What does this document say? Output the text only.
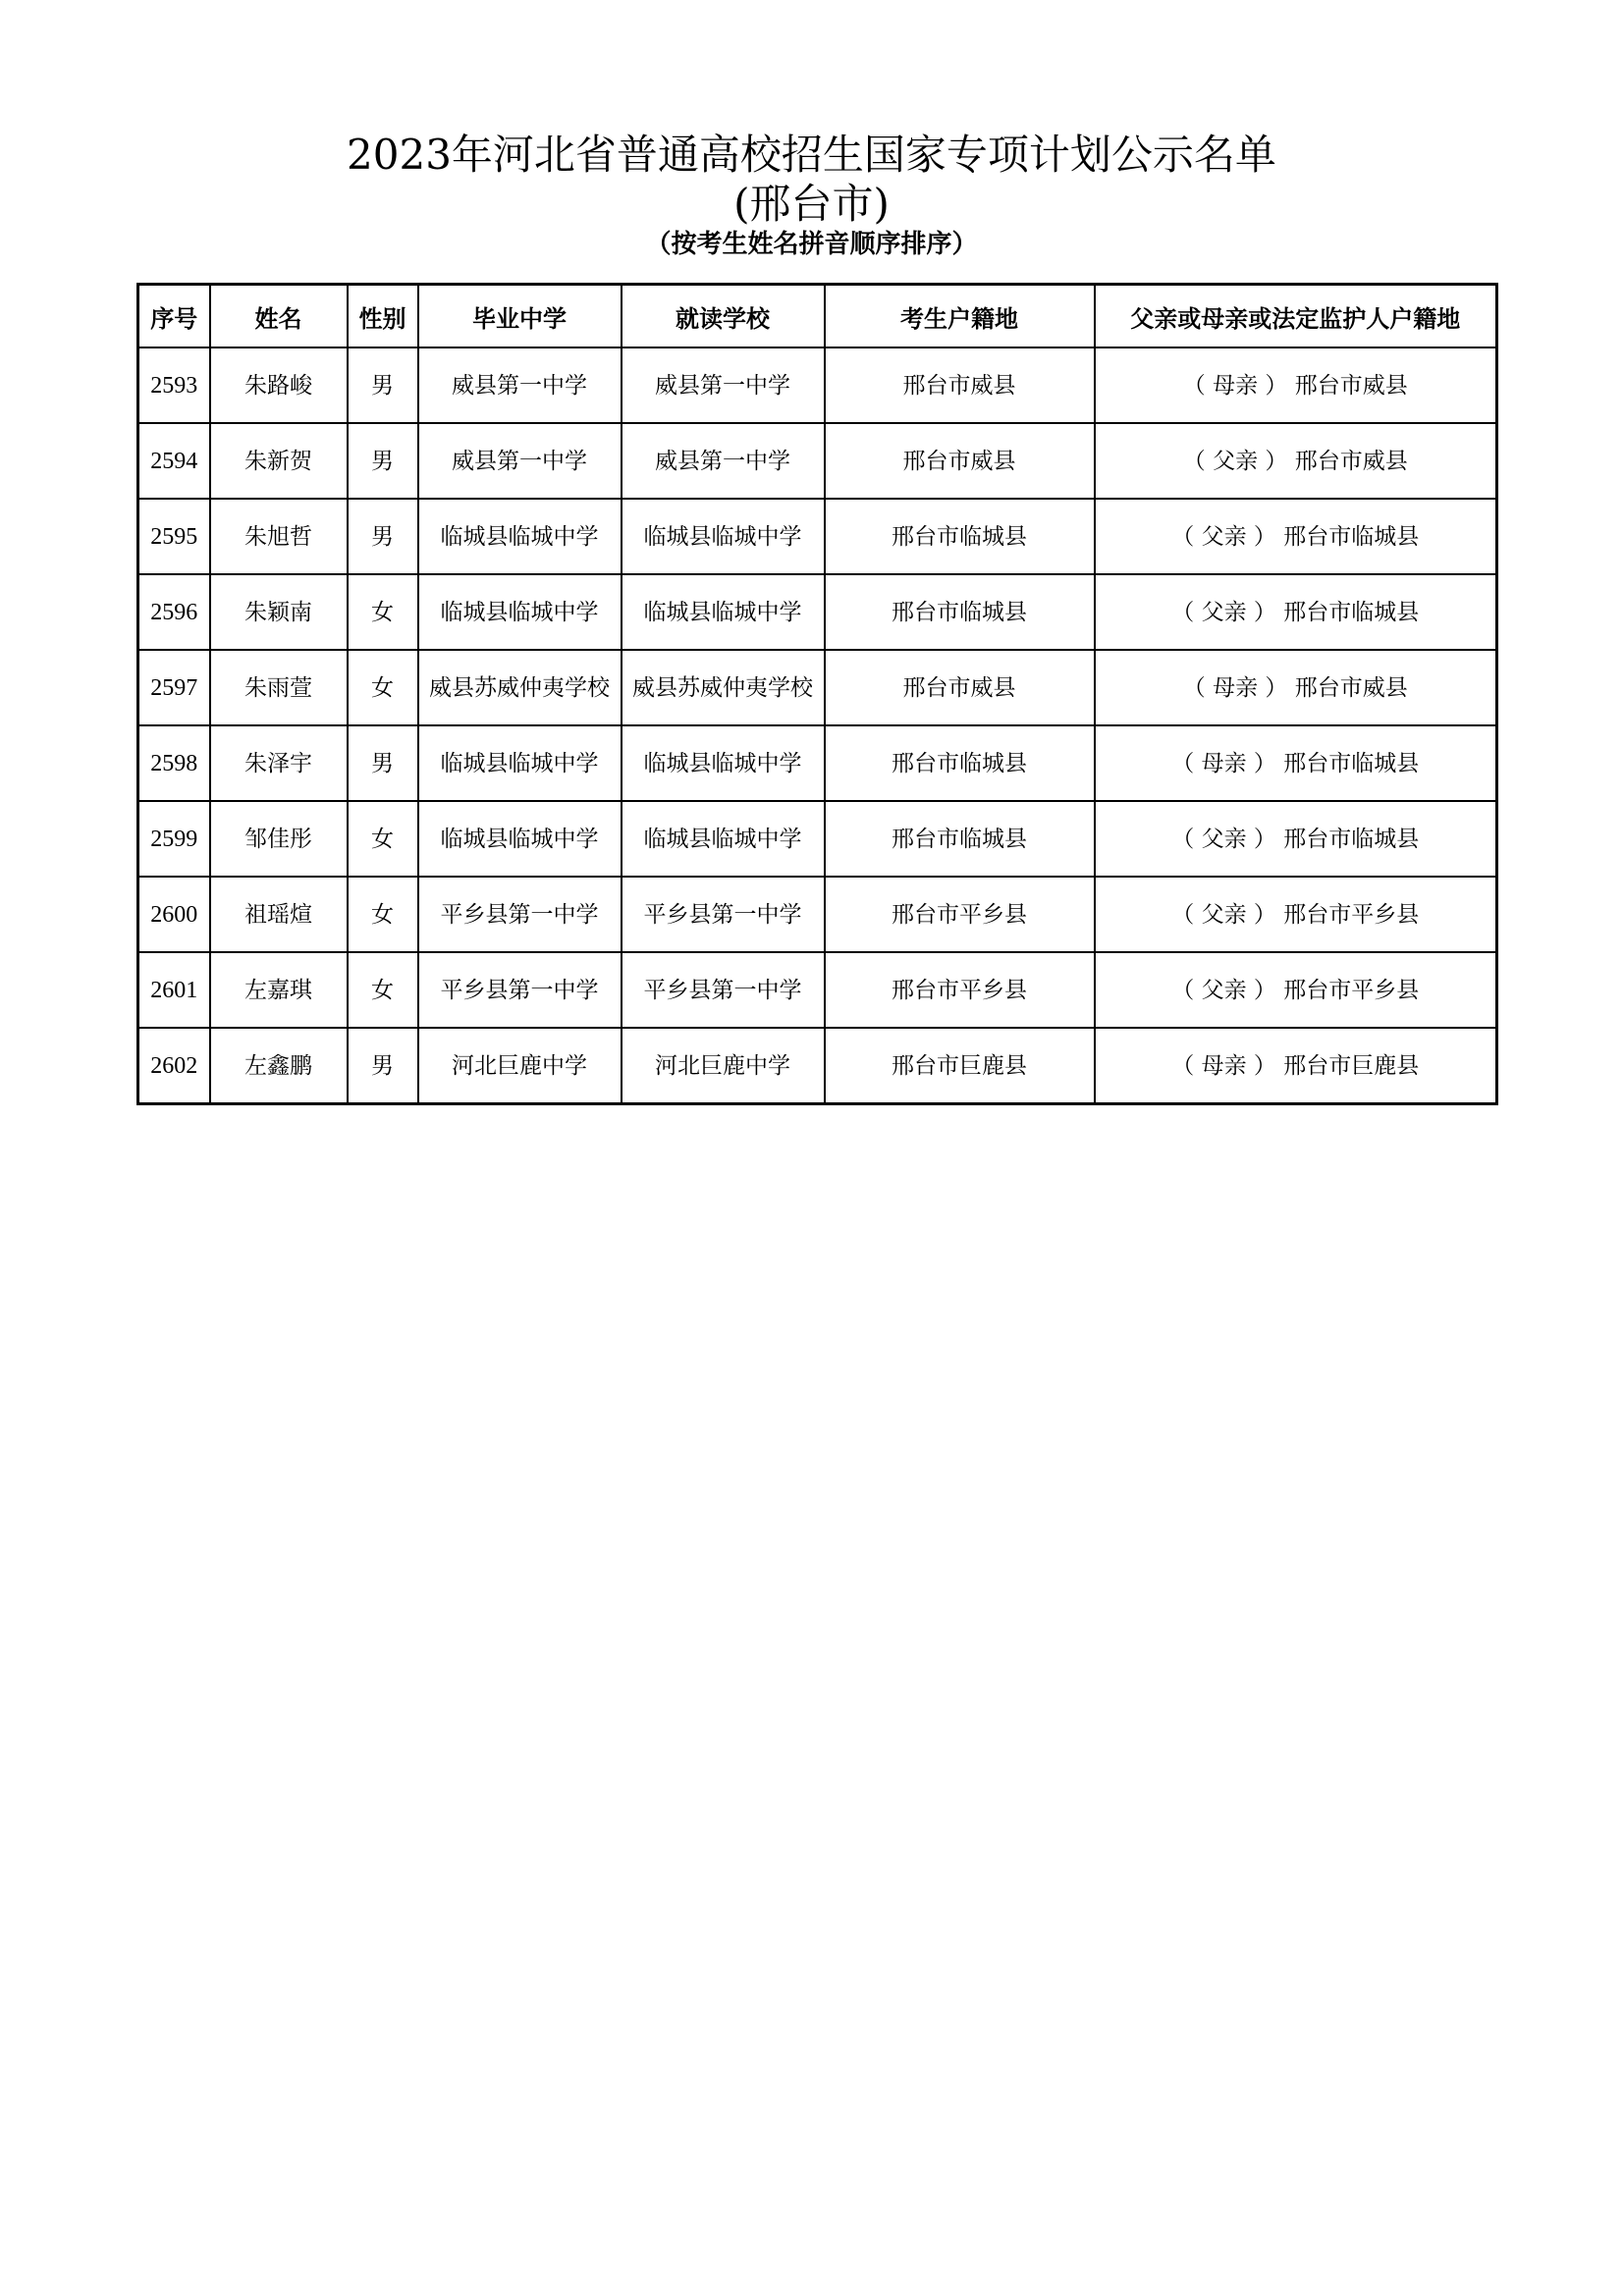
2023年河北省普通高校招生国家专项计划公示名单
(邢台市)
（按考生姓名拼音顺序排序）
序号	姓名	性别	毕业中学	就读学校	考生户籍地	父亲或母亲或法定监护人户籍地
2593	朱路峻	男	威县第一中学	威县第一中学	邢台市威县	（ 母亲 ） 邢台市威县
2594	朱新贺	男	威县第一中学	威县第一中学	邢台市威县	（ 父亲 ） 邢台市威县
2595	朱旭哲	男	临城县临城中学	临城县临城中学	邢台市临城县	（ 父亲 ） 邢台市临城县
2596	朱颖南	女	临城县临城中学	临城县临城中学	邢台市临城县	（ 父亲 ） 邢台市临城县
2597	朱雨萱	女	威县苏威仲夷学校	威县苏威仲夷学校	邢台市威县	（ 母亲 ） 邢台市威县
2598	朱泽宇	男	临城县临城中学	临城县临城中学	邢台市临城县	（ 母亲 ） 邢台市临城县
2599	邹佳彤	女	临城县临城中学	临城县临城中学	邢台市临城县	（ 父亲 ） 邢台市临城县
2600	祖瑶煊	女	平乡县第一中学	平乡县第一中学	邢台市平乡县	（ 父亲 ） 邢台市平乡县
2601	左嘉琪	女	平乡县第一中学	平乡县第一中学	邢台市平乡县	（ 父亲 ） 邢台市平乡县
2602	左鑫鹏	男	河北巨鹿中学	河北巨鹿中学	邢台市巨鹿县	（ 母亲 ） 邢台市巨鹿县
